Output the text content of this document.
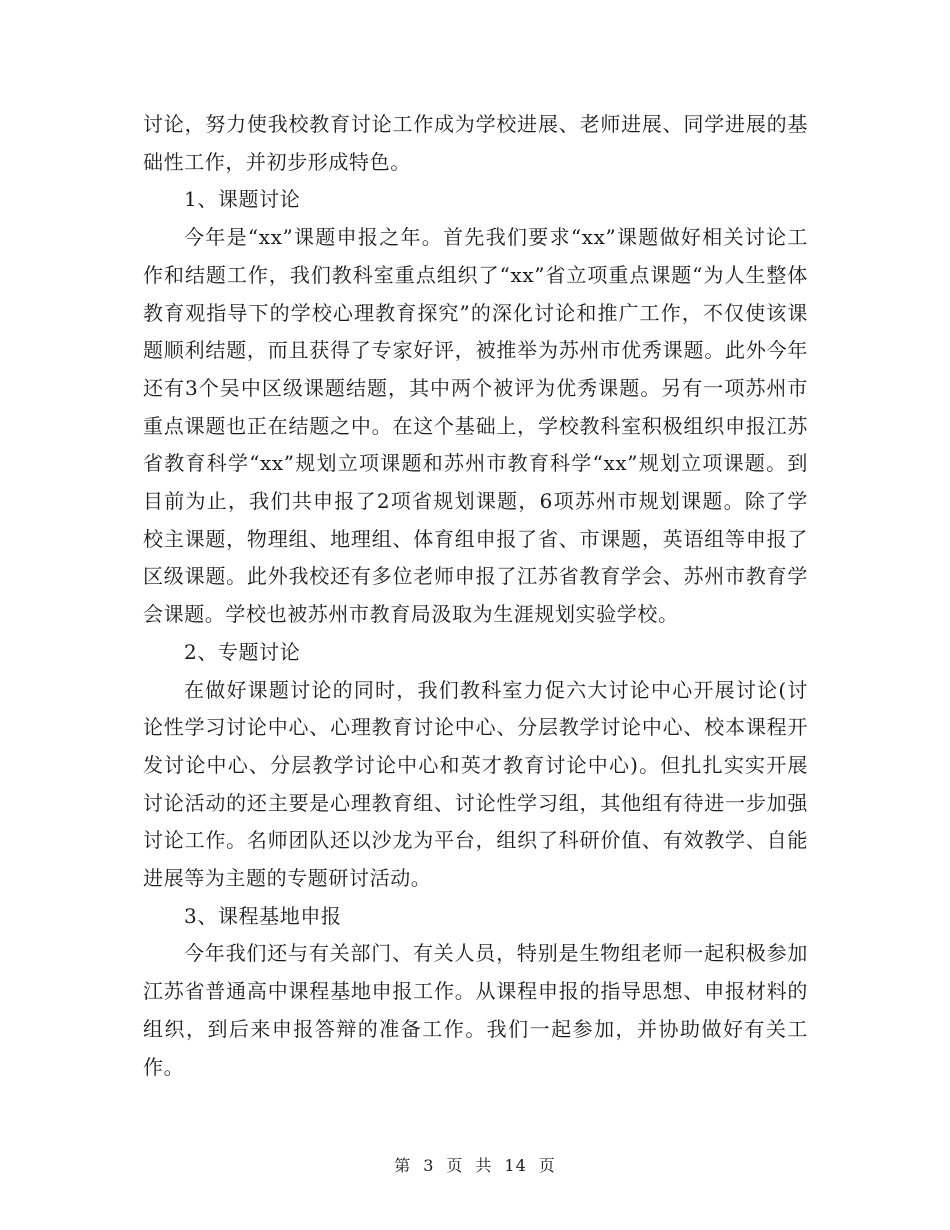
讨论，努力使我校教育讨论工作成为学校进展、老师进展、同学进展的基础性工作，并初步形成特色。

1、课题讨论

今年是“xx”课题申报之年。首先我们要求“xx”课题做好相关讨论工作和结题工作，我们教科室重点组织了“xx”省立项重点课题“为人生整体教育观指导下的学校心理教育探究”的深化讨论和推广工作，不仅使该课题顺利结题，而且获得了专家好评，被推举为苏州市优秀课题。此外今年还有3个吴中区级课题结题，其中两个被评为优秀课题。另有一项苏州市重点课题也正在结题之中。在这个基础上，学校教科室积极组织申报江苏省教育科学“xx”规划立项课题和苏州市教育科学“xx”规划立项课题。到目前为止，我们共申报了2项省规划课题，6项苏州市规划课题。除了学校主课题，物理组、地理组、体育组申报了省、市课题，英语组等申报了区级课题。此外我校还有多位老师申报了江苏省教育学会、苏州市教育学会课题。学校也被苏州市教育局汲取为生涯规划实验学校。

2、专题讨论

在做好课题讨论的同时，我们教科室力促六大讨论中心开展讨论(讨论性学习讨论中心、心理教育讨论中心、分层教学讨论中心、校本课程开发讨论中心、分层教学讨论中心和英才教育讨论中心)。但扎扎实实开展讨论活动的还主要是心理教育组、讨论性学习组，其他组有待进一步加强讨论工作。名师团队还以沙龙为平台，组织了科研价值、有效教学、自能进展等为主题的专题研讨活动。

3、课程基地申报

今年我们还与有关部门、有关人员，特别是生物组老师一起积极参加江苏省普通高中课程基地申报工作。从课程申报的指导思想、申报材料的组织，到后来申报答辩的准备工作。我们一起参加，并协助做好有关工作。

第 3 页 共 14 页
